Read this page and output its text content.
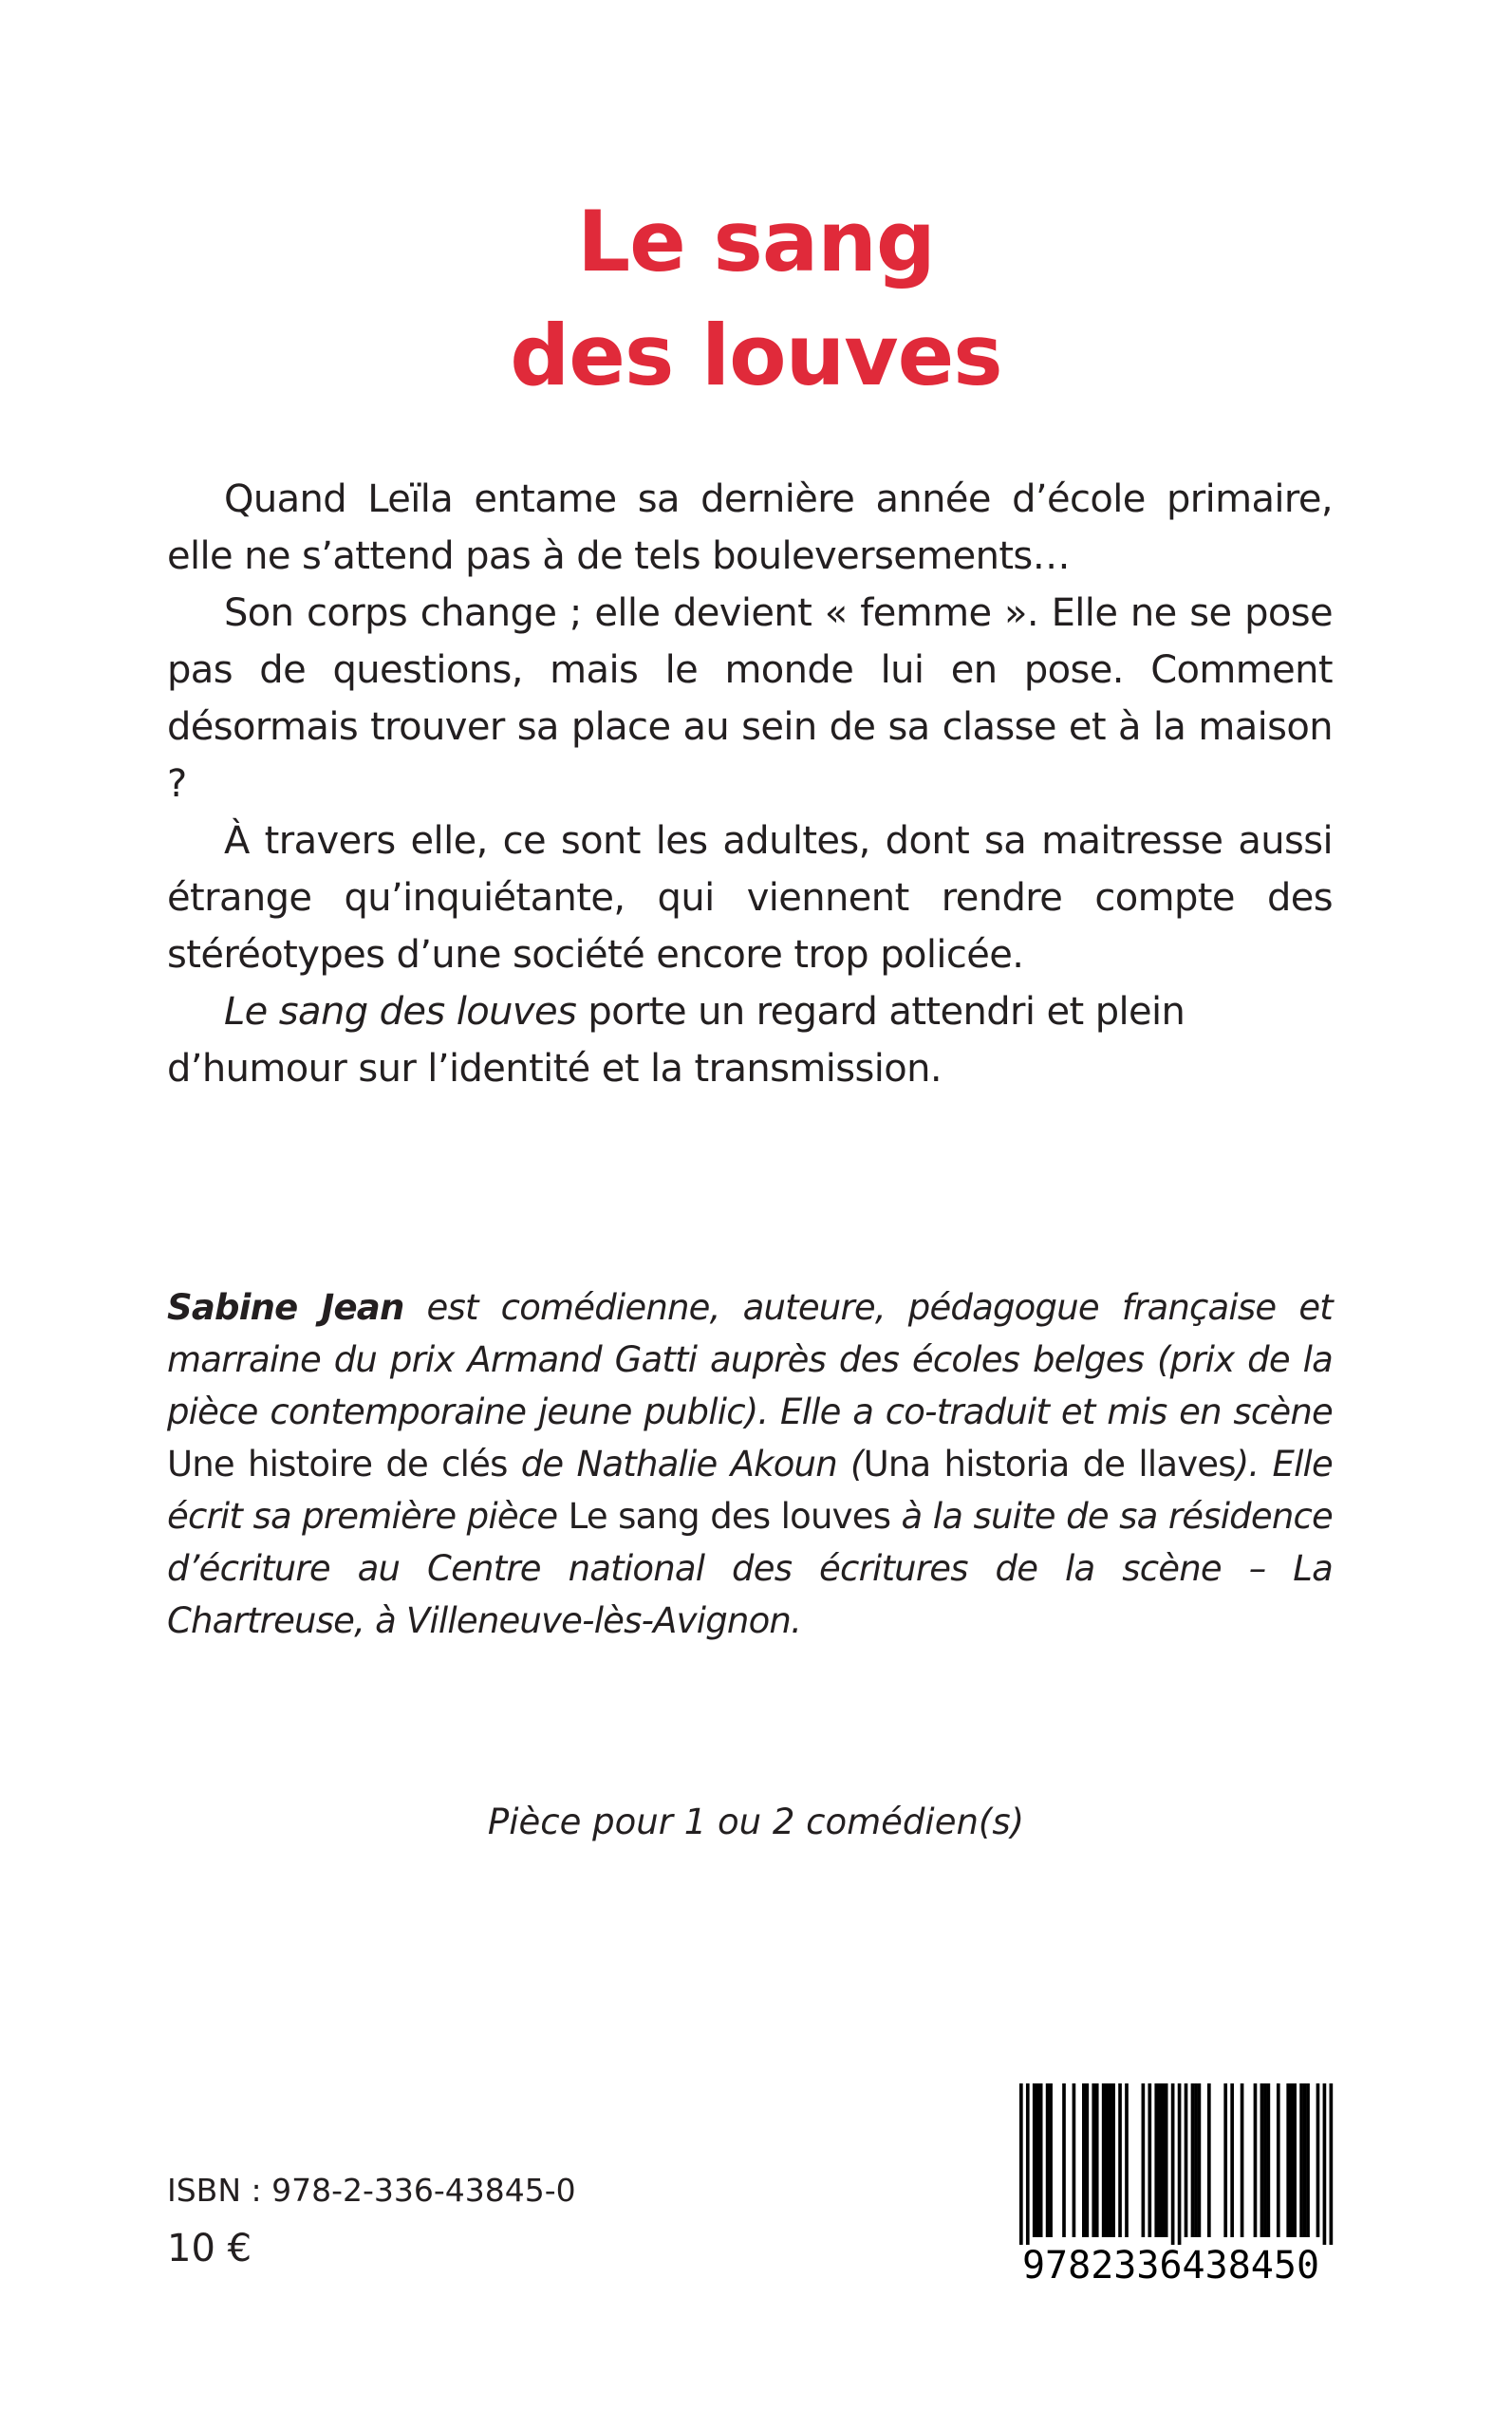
Le sang
des louves

Quand Leïla entame sa dernière année d’école primaire, elle ne s’attend pas à de tels bouleversements…

Son corps change ; elle devient « femme ». Elle ne se pose pas de questions, mais le monde lui en pose. Comment désormais trouver sa place au sein de sa classe et à la maison ?

À travers elle, ce sont les adultes, dont sa maitresse aussi étrange qu’inquiétante, qui viennent rendre compte des stéréotypes d’une société encore trop policée.

Le sang des louves porte un regard attendri et plein d’humour sur l’identité et la transmission.

Sabine Jean est comédienne, auteure, pédagogue française et marraine du prix Armand Gatti auprès des écoles belges (prix de la pièce contemporaine jeune public). Elle a co-traduit et mis en scène Une histoire de clés de Nathalie Akoun (Una historia de llaves). Elle écrit sa première pièce Le sang des louves à la suite de sa résidence d’écriture au Centre national des écritures de la scène – La Chartreuse, à Villeneuve-lès-Avignon.

Pièce pour 1 ou 2 comédien(s)
ISBN : 978-2-336-43845-0
10 €	9782336438450
